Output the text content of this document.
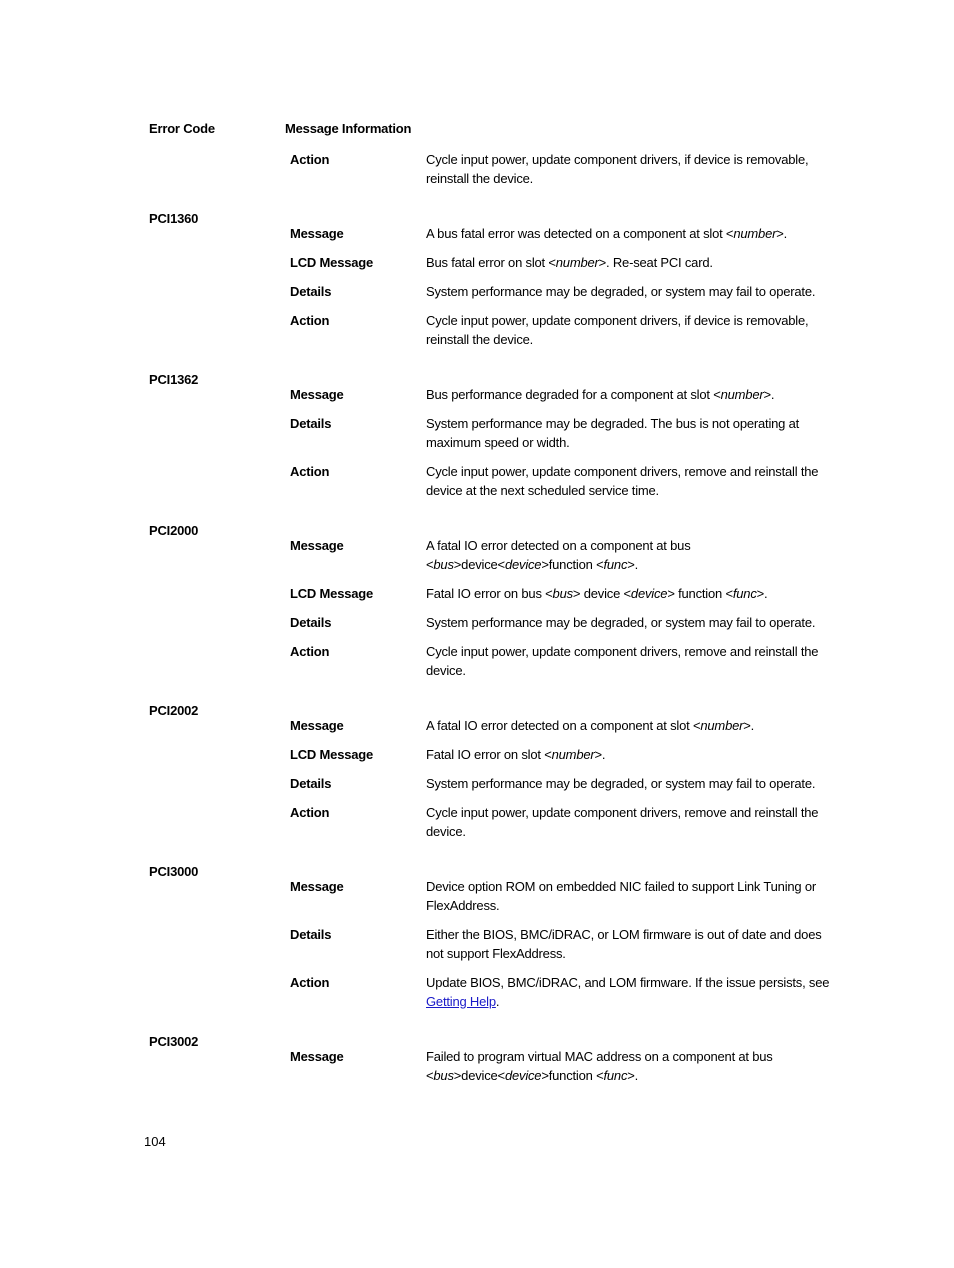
Error Code	Message Information
Action	Cycle input power, update component drivers, if device is removable, reinstall the device.
PCI1360
Message	A bus fatal error was detected on a component at slot <number>.
LCD Message	Bus fatal error on slot <number>. Re-seat PCI card.
Details	System performance may be degraded, or system may fail to operate.
Action	Cycle input power, update component drivers, if device is removable, reinstall the device.
PCI1362
Message	Bus performance degraded for a component at slot <number>.
Details	System performance may be degraded. The bus is not operating at maximum speed or width.
Action	Cycle input power, update component drivers, remove and reinstall the device at the next scheduled service time.
PCI2000
Message	A fatal IO error detected on a component at bus <bus>device<device>function <func>.
LCD Message	Fatal IO error on bus <bus> device <device> function <func>.
Details	System performance may be degraded, or system may fail to operate.
Action	Cycle input power, update component drivers, remove and reinstall the device.
PCI2002
Message	A fatal IO error detected on a component at slot <number>.
LCD Message	Fatal IO error on slot <number>.
Details	System performance may be degraded, or system may fail to operate.
Action	Cycle input power, update component drivers, remove and reinstall the device.
PCI3000
Message	Device option ROM on embedded NIC failed to support Link Tuning or FlexAddress.
Details	Either the BIOS, BMC/iDRAC, or LOM firmware is out of date and does not support FlexAddress.
Action	Update BIOS, BMC/iDRAC, and LOM firmware. If the issue persists, see Getting Help.
PCI3002
Message	Failed to program virtual MAC address on a component at bus <bus>device<device>function <func>.
104
